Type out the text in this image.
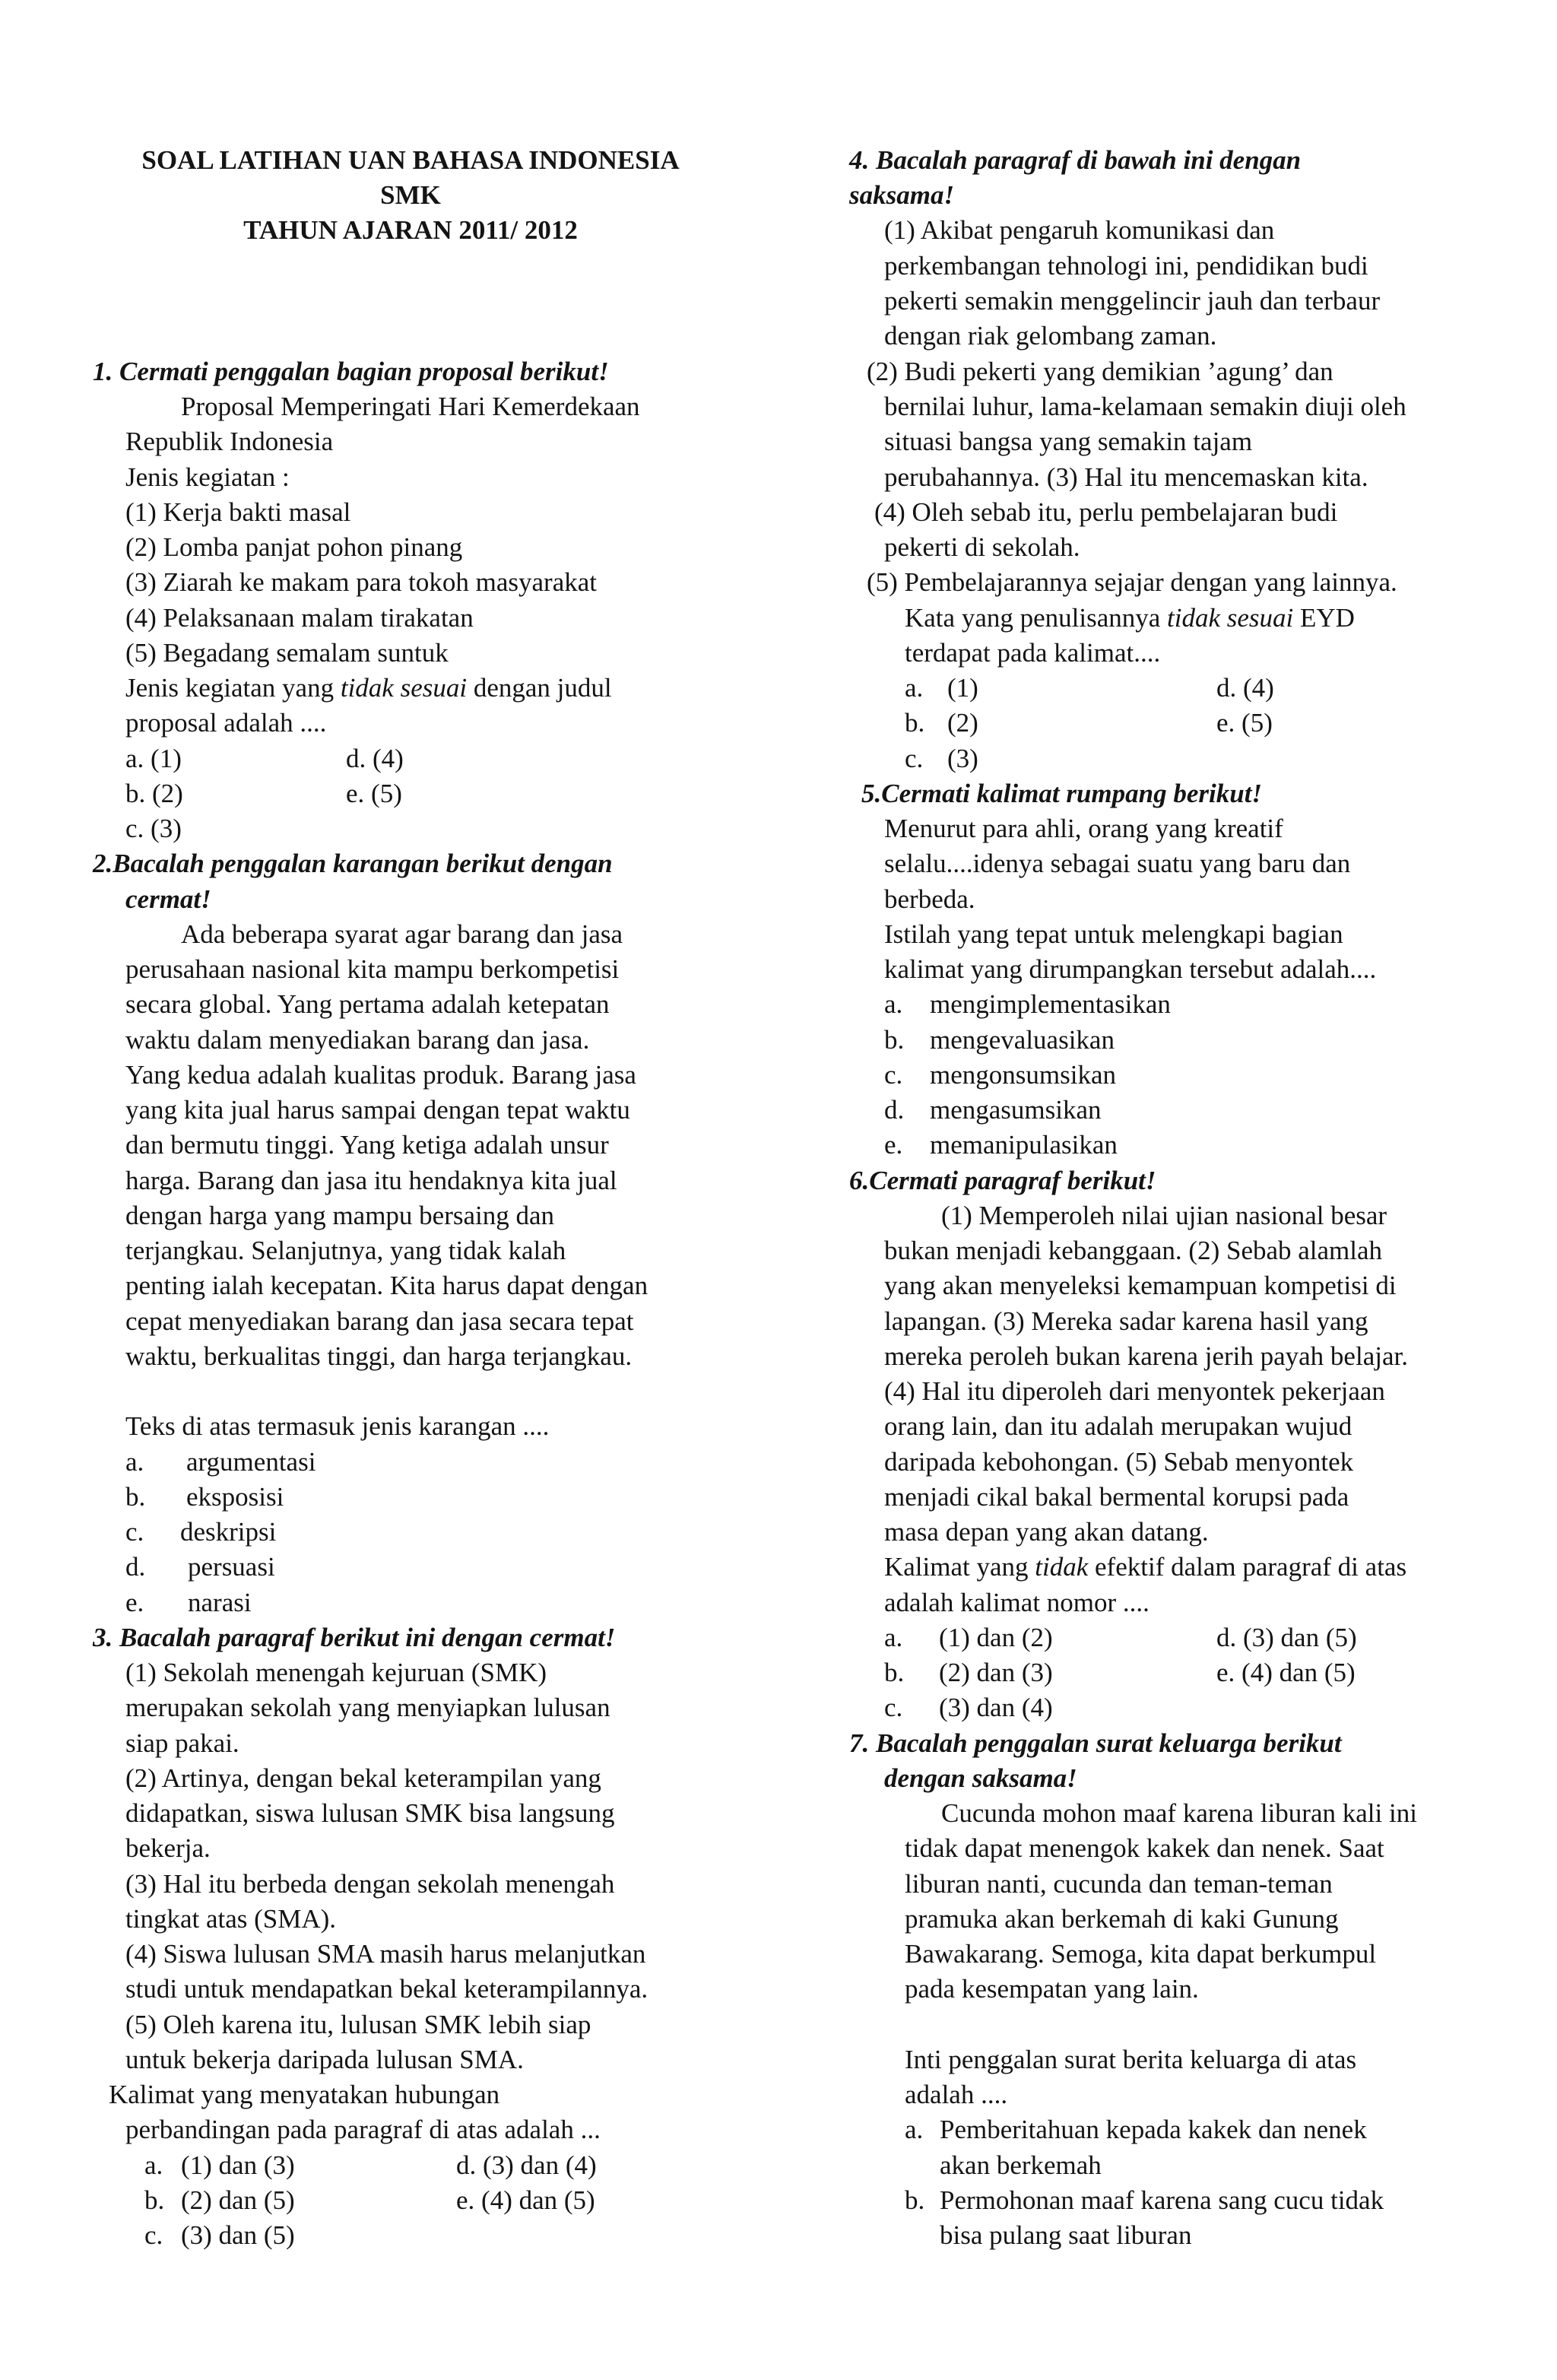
SOAL LATIHAN UAN BAHASA INDONESIA
SMK
TAHUN AJARAN 2011/ 2012
1. Cermati penggalan bagian proposal berikut!
Proposal Memperingati Hari Kemerdekaan
Republik Indonesia
Jenis kegiatan :
(1) Kerja bakti masal
(2) Lomba panjat pohon pinang
(3) Ziarah ke makam para tokoh masyarakat
(4) Pelaksanaan malam tirakatan
(5) Begadang semalam suntuk
Jenis kegiatan yang tidak sesuai dengan judul
proposal adalah ....
a. (1)	d. (4)
b. (2)	e. (5)
c. (3)
2.Bacalah penggalan karangan berikut dengan
cermat!
Ada beberapa syarat agar barang dan jasa
perusahaan nasional kita mampu berkompetisi
secara global. Yang pertama adalah ketepatan
waktu dalam menyediakan barang dan jasa.
Yang kedua adalah kualitas produk. Barang jasa
yang kita jual harus sampai dengan tepat waktu
dan bermutu tinggi. Yang ketiga adalah unsur
harga. Barang dan jasa itu hendaknya kita jual
dengan harga yang mampu bersaing dan
terjangkau. Selanjutnya, yang tidak kalah
penting ialah kecepatan. Kita harus dapat dengan
cepat menyediakan barang dan jasa secara tepat
waktu, berkualitas tinggi, dan harga terjangkau.
Teks di atas termasuk jenis karangan ....
a. argumentasi
b. eksposisi
c. deskripsi
d. persuasi
e. narasi
3. Bacalah paragraf berikut ini dengan cermat!
(1) Sekolah menengah kejuruan (SMK)
merupakan sekolah yang menyiapkan lulusan
siap pakai.
(2) Artinya, dengan bekal keterampilan yang
didapatkan, siswa lulusan SMK bisa langsung
bekerja.
(3) Hal itu berbeda dengan sekolah menengah
tingkat atas (SMA).
(4) Siswa lulusan SMA masih harus melanjutkan
studi untuk mendapatkan bekal keterampilannya.
(5) Oleh karena itu, lulusan SMK lebih siap
untuk bekerja daripada lulusan SMA.
Kalimat yang menyatakan hubungan
perbandingan pada paragraf di atas adalah ...
a. (1) dan (3)	d. (3) dan (4)
b. (2) dan (5)	e. (4) dan (5)
c. (3) dan (5)
4. Bacalah paragraf di bawah ini dengan
saksama!
(1) Akibat pengaruh komunikasi dan
perkembangan tehnologi ini, pendidikan budi
pekerti semakin menggelincir jauh dan terbaur
dengan riak gelombang zaman.
(2) Budi pekerti yang demikian ’agung’ dan
bernilai luhur, lama-kelamaan semakin diuji oleh
situasi bangsa yang semakin tajam
perubahannya. (3) Hal itu mencemaskan kita.
(4) Oleh sebab itu, perlu pembelajaran budi
pekerti di sekolah.
(5) Pembelajarannya sejajar dengan yang lainnya.
Kata yang penulisannya tidak sesuai EYD
terdapat pada kalimat....
a. (1)	d. (4)
b. (2)	e. (5)
c. (3)
5.Cermati kalimat rumpang berikut!
Menurut para ahli, orang yang kreatif
selalu....idenya sebagai suatu yang baru dan
berbeda.
Istilah yang tepat untuk melengkapi bagian
kalimat yang dirumpangkan tersebut adalah....
a. mengimplementasikan
b. mengevaluasikan
c. mengonsumsikan
d. mengasumsikan
e. memanipulasikan
6.Cermati paragraf berikut!
(1) Memperoleh nilai ujian nasional besar
bukan menjadi kebanggaan. (2) Sebab alamlah
yang akan menyeleksi kemampuan kompetisi di
lapangan. (3) Mereka sadar karena hasil yang
mereka peroleh bukan karena jerih payah belajar.
(4) Hal itu diperoleh dari menyontek pekerjaan
orang lain, dan itu adalah merupakan wujud
daripada kebohongan. (5) Sebab menyontek
menjadi cikal bakal bermental korupsi pada
masa depan yang akan datang.
Kalimat yang tidak efektif dalam paragraf di atas
adalah kalimat nomor ....
a. (1) dan (2)	d. (3) dan (5)
b. (2) dan (3)	e. (4) dan (5)
c. (3) dan (4)
7. Bacalah penggalan surat keluarga berikut
dengan saksama!
Cucunda mohon maaf karena liburan kali ini
tidak dapat menengok kakek dan nenek. Saat
liburan nanti, cucunda dan teman-teman
pramuka akan berkemah di kaki Gunung
Bawakarang. Semoga, kita dapat berkumpul
pada kesempatan yang lain.
Inti penggalan surat berita keluarga di atas
adalah ....
a. Pemberitahuan kepada kakek dan nenek
akan berkemah
b. Permohonan maaf karena sang cucu tidak
bisa pulang saat liburan
